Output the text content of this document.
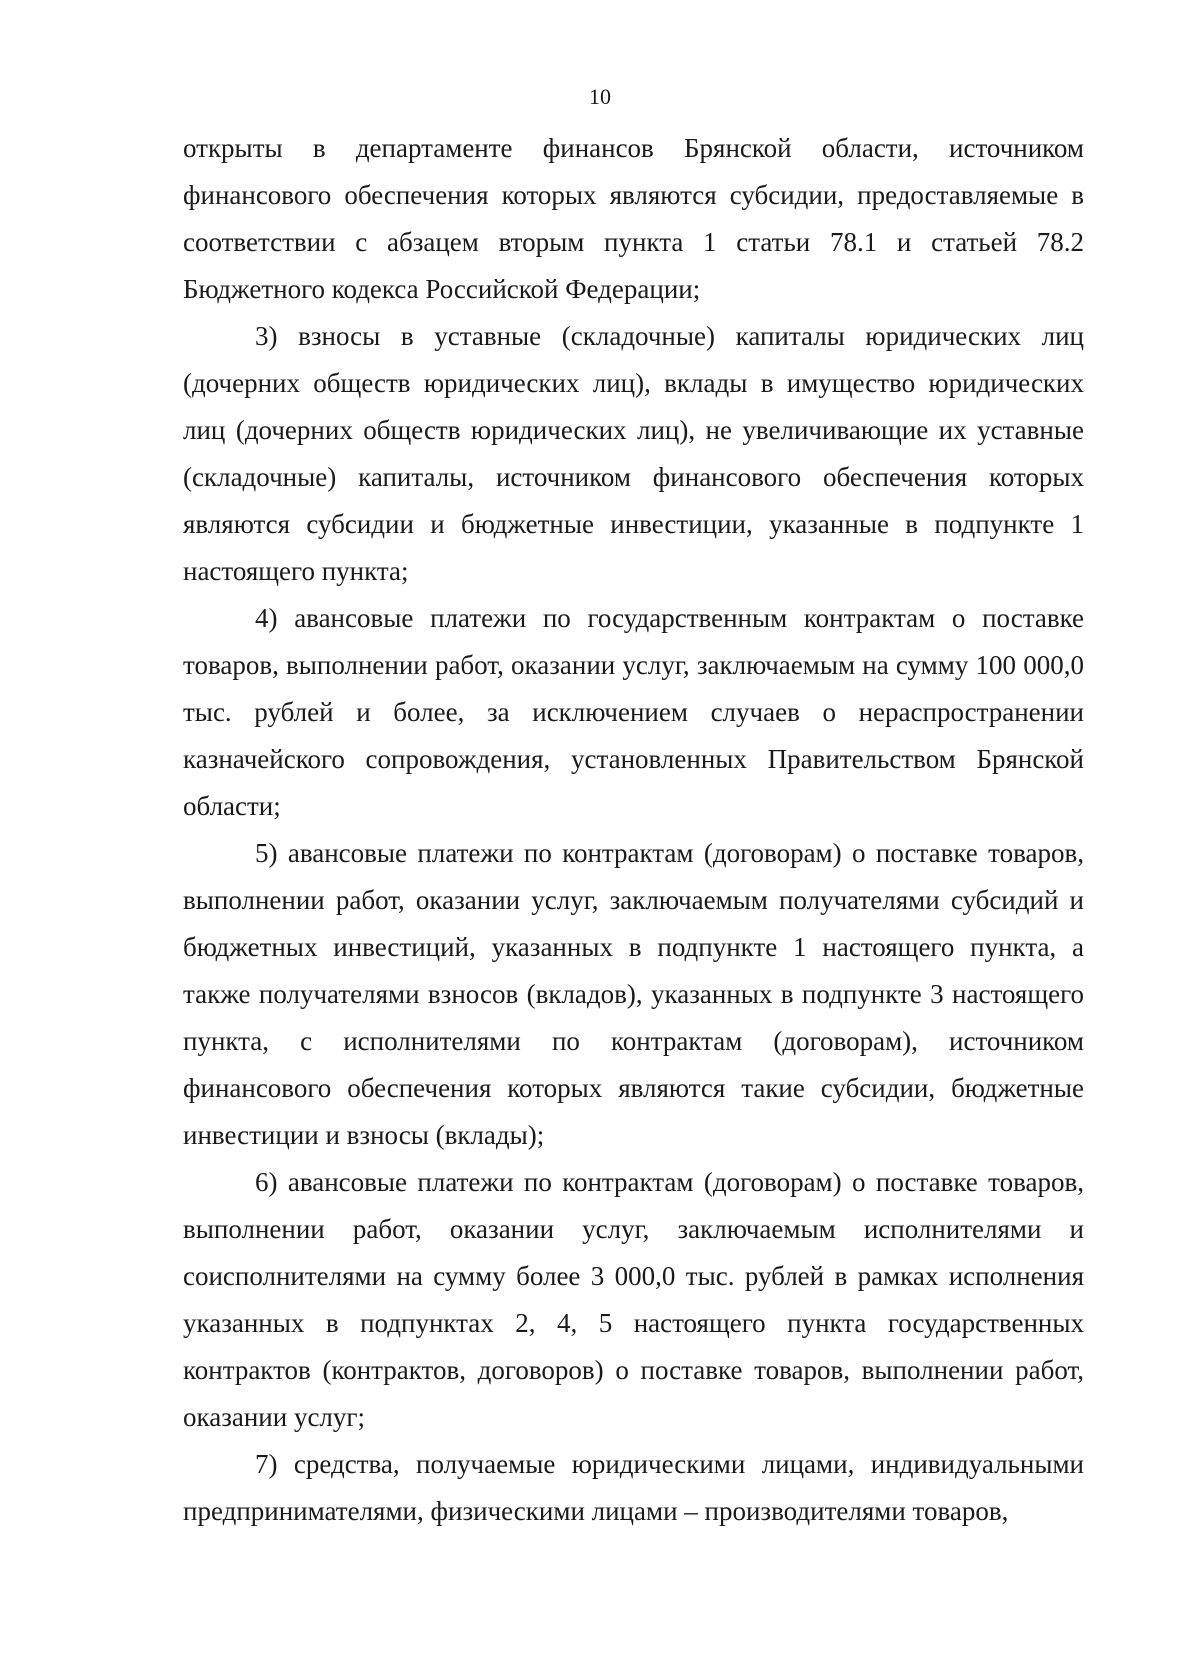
10

открыты в департаменте финансов Брянской области, источником финансового обеспечения которых являются субсидии, предоставляемые в соответствии с абзацем вторым пункта 1 статьи 78.1 и статьей 78.2 Бюджетного кодекса Российской Федерации;

3) взносы в уставные (складочные) капиталы юридических лиц (дочерних обществ юридических лиц), вклады в имущество юридических лиц (дочерних обществ юридических лиц), не увеличивающие их уставные (складочные) капиталы, источником финансового обеспечения которых являются субсидии и бюджетные инвестиции, указанные в подпункте 1 настоящего пункта;

4) авансовые платежи по государственным контрактам о поставке товаров, выполнении работ, оказании услуг, заключаемым на сумму 100 000,0 тыс. рублей и более, за исключением случаев о нераспространении казначейского сопровождения, установленных Правительством Брянской области;

5) авансовые платежи по контрактам (договорам) о поставке товаров, выполнении работ, оказании услуг, заключаемым получателями субсидий и бюджетных инвестиций, указанных в подпункте 1 настоящего пункта, а также получателями взносов (вкладов), указанных в подпункте 3 настоящего пункта, с исполнителями по контрактам (договорам), источником финансового обеспечения которых являются такие субсидии, бюджетные инвестиции и взносы (вклады);

6) авансовые платежи по контрактам (договорам) о поставке товаров, выполнении работ, оказании услуг, заключаемым исполнителями и соисполнителями на сумму более 3 000,0 тыс. рублей в рамках исполнения указанных в подпунктах 2, 4, 5 настоящего пункта государственных контрактов (контрактов, договоров) о поставке товаров, выполнении работ, оказании услуг;

7) средства, получаемые юридическими лицами, индивидуальными предпринимателями, физическими лицами – производителями товаров,
